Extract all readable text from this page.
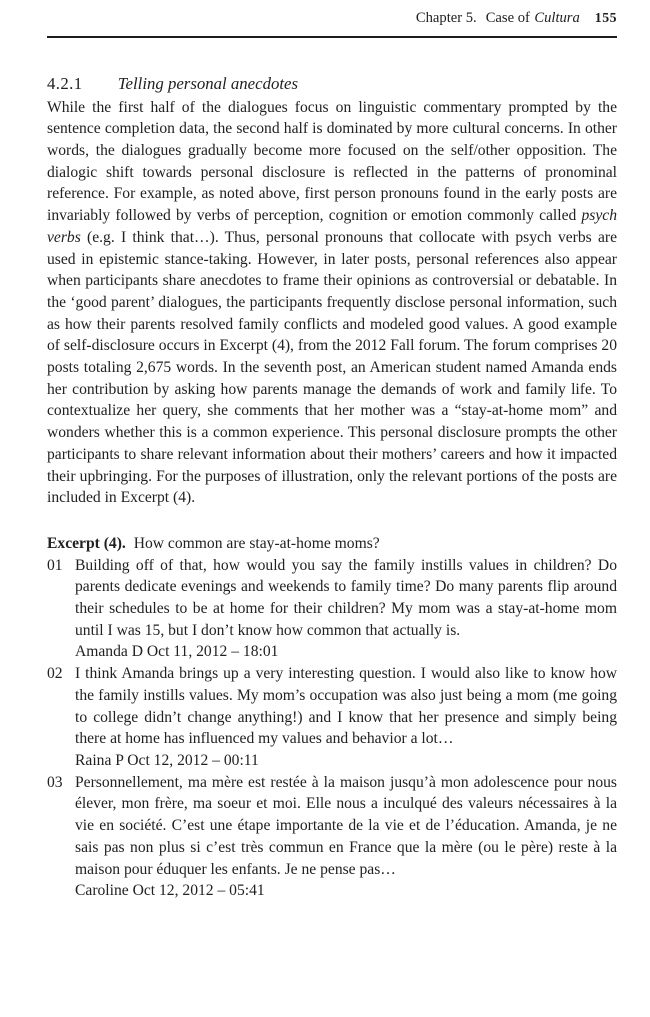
Chapter 5. Case of Cultura 155
4.2.1 Telling personal anecdotes

While the first half of the dialogues focus on linguistic commentary prompted by the sentence completion data, the second half is dominated by more cultural concerns. In other words, the dialogues gradually become more focused on the self/other opposition. The dialogic shift towards personal disclosure is reflected in the patterns of pronominal reference. For example, as noted above, first person pronouns found in the early posts are invariably followed by verbs of perception, cognition or emotion commonly called psych verbs (e.g. I think that…). Thus, personal pronouns that collocate with psych verbs are used in epistemic stance-taking. However, in later posts, personal references also appear when participants share anecdotes to frame their opinions as controversial or debatable. In the ‘good parent’ dialogues, the participants frequently disclose personal information, such as how their parents resolved family conflicts and modeled good values. A good example of self-disclosure occurs in Excerpt (4), from the 2012 Fall forum. The forum comprises 20 posts totaling 2,675 words. In the seventh post, an American student named Amanda ends her contribution by asking how parents manage the demands of work and family life. To contextualize her query, she comments that her mother was a “stay-at-home mom” and wonders whether this is a common experience. This personal disclosure prompts the other participants to share relevant information about their mothers’ careers and how it impacted their upbringing. For the purposes of illustration, only the relevant portions of the posts are included in Excerpt (4).

Excerpt (4). How common are stay-at-home moms?
01 Building off of that, how would you say the family instills values in children? Do parents dedicate evenings and weekends to family time? Do many parents flip around their schedules to be at home for their children? My mom was a stay-at-home mom until I was 15, but I don’t know how common that actually is.
Amanda D Oct 11, 2012 – 18:01
02 I think Amanda brings up a very interesting question. I would also like to know how the family instills values. My mom’s occupation was also just being a mom (me going to college didn’t change anything!) and I know that her presence and simply being there at home has influenced my values and behavior a lot…
Raina P Oct 12, 2012 – 00:11
03 Personnellement, ma mère est restée à la maison jusqu’à mon adolescence pour nous élever, mon frère, ma soeur et moi. Elle nous a inculqué des valeurs nécessaires à la vie en société. C’est une étape importante de la vie et de l’éducation. Amanda, je ne sais pas non plus si c’est très commun en France que la mère (ou le père) reste à la maison pour éduquer les enfants. Je ne pense pas…
Caroline Oct 12, 2012 – 05:41
